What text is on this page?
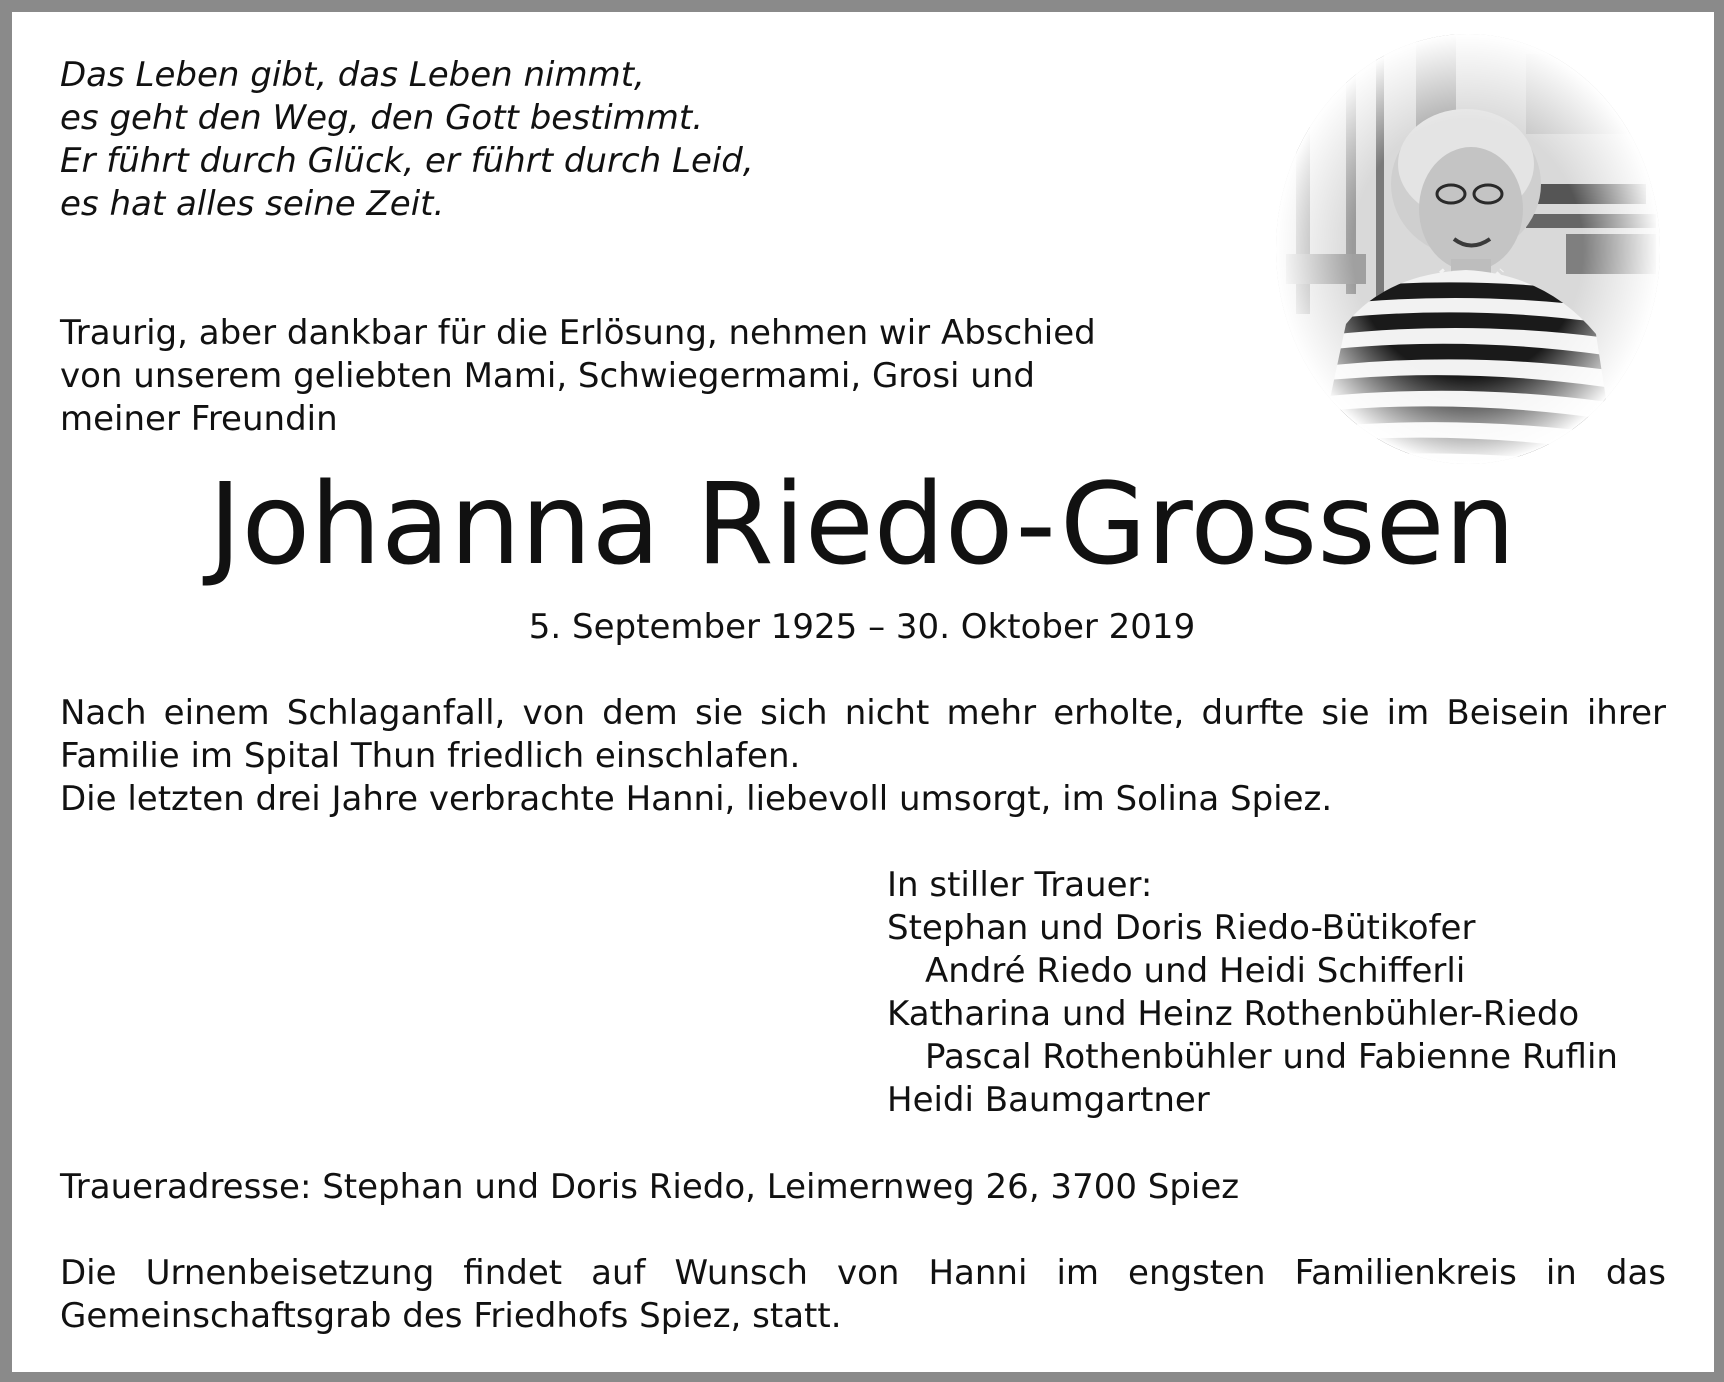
Das Leben gibt, das Leben nimmt,
es geht den Weg, den Gott bestimmt.
Er führt durch Glück, er führt durch Leid,
es hat alles seine Zeit.
Traurig, aber dankbar für die Erlösung, nehmen wir Abschied
von unserem geliebten Mami, Schwiegermami, Grosi und
meiner Freundin
Johanna Riedo-Grossen
5. September 1925 – 30. Oktober 2019
Nach einem Schlaganfall, von dem sie sich nicht mehr erholte, durfte sie im Beisein ihrer
Familie im Spital Thun friedlich einschlafen.
Die letzten drei Jahre verbrachte Hanni, liebevoll umsorgt, im Solina Spiez.
In stiller Trauer:
Stephan und Doris Riedo-Bütikofer
André Riedo und Heidi Schifferli
Katharina und Heinz Rothenbühler-Riedo
Pascal Rothenbühler und Fabienne Ruflin
Heidi Baumgartner
Traueradresse: Stephan und Doris Riedo, Leimernweg 26, 3700 Spiez
Die Urnenbeisetzung findet auf Wunsch von Hanni im engsten Familienkreis in das
Gemeinschaftsgrab des Friedhofs Spiez, statt.
